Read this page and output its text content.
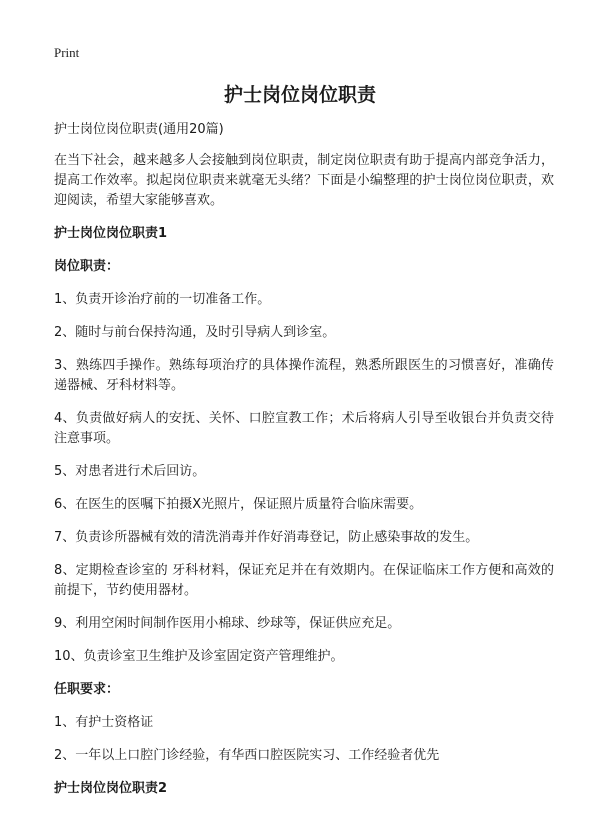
Print
护士岗位岗位职责

护士岗位岗位职责(通用20篇)

在当下社会，越来越多人会接触到岗位职责，制定岗位职责有助于提高内部竞争活力，提高工作效率。拟起岗位职责来就毫无头绪？下面是小编整理的护士岗位岗位职责，欢迎阅读，希望大家能够喜欢。

护士岗位岗位职责1

岗位职责：

1、负责开诊治疗前的一切准备工作。

2、随时与前台保持沟通，及时引导病人到诊室。

3、熟练四手操作。熟练每项治疗的具体操作流程，熟悉所跟医生的习惯喜好，准确传递器械、牙科材料等。

4、负责做好病人的安抚、关怀、口腔宣教工作；术后将病人引导至收银台并负责交待注意事项。

5、对患者进行术后回访。

6、在医生的医嘱下拍摄X光照片，保证照片质量符合临床需要。

7、负责诊所器械有效的清洗消毒并作好消毒登记，防止感染事故的发生。

8、定期检查诊室的 牙科材料，保证充足并在有效期内。在保证临床工作方便和高效的前提下，节约使用器材。

9、利用空闲时间制作医用小棉球、纱球等，保证供应充足。

10、负责诊室卫生维护及诊室固定资产管理维护。

任职要求：

1、有护士资格证

2、一年以上口腔门诊经验，有华西口腔医院实习、工作经验者优先

护士岗位岗位职责2
